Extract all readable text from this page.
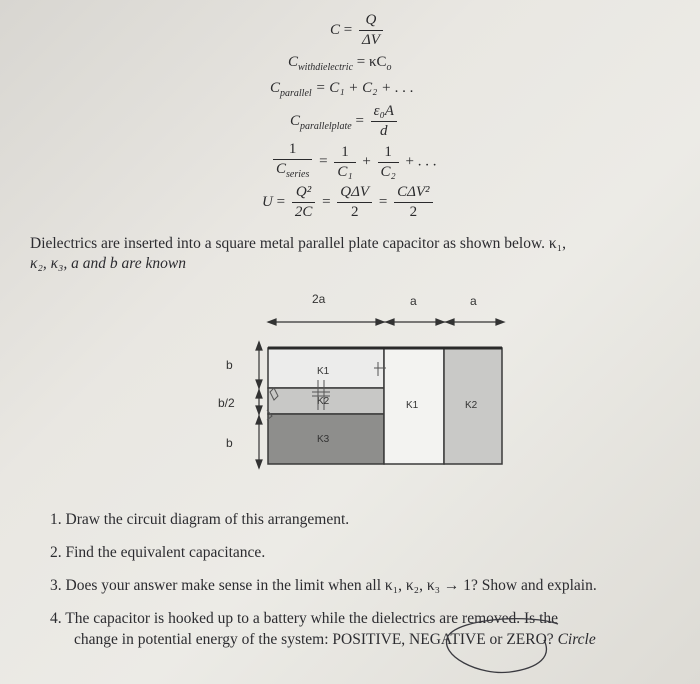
$C = \frac{Q}{\Delta V}$
$C_{withdielectric} = \kappa C_o$
$C_{parallel} = C_1 + C_2$ + . . .
$C_{parallelplate} = \frac{\text{ε₀A}}{d}$
$\frac{1}{C_{series}} = \frac{1}{\text{C₁}} + \frac{1}{\text{C₂}}$ + . . .
$U = \frac{\text{Q²}}{2C} = \frac{\text{QΔV}}{2} = \frac{\text{CΔV²}}{2}$
Dielectrics are inserted into a square metal parallel plate capacitor as shown below. κ₁,
κ₂, κ₃, a and b are known
2a	a	a
b
b/2
b
K1
K2
K3
K1	K2
1. Draw the circuit diagram of this arrangement.
2. Find the equivalent capacitance.
3. Does your answer make sense in the limit when all κ₁, κ₂, κ₃ → 1? Show and explain.
4. The capacitor is hooked up to a battery while the dielectrics are removed. Is the
change in potential energy of the system: POSITIVE, NEGATIVE or ZERO? Circle
